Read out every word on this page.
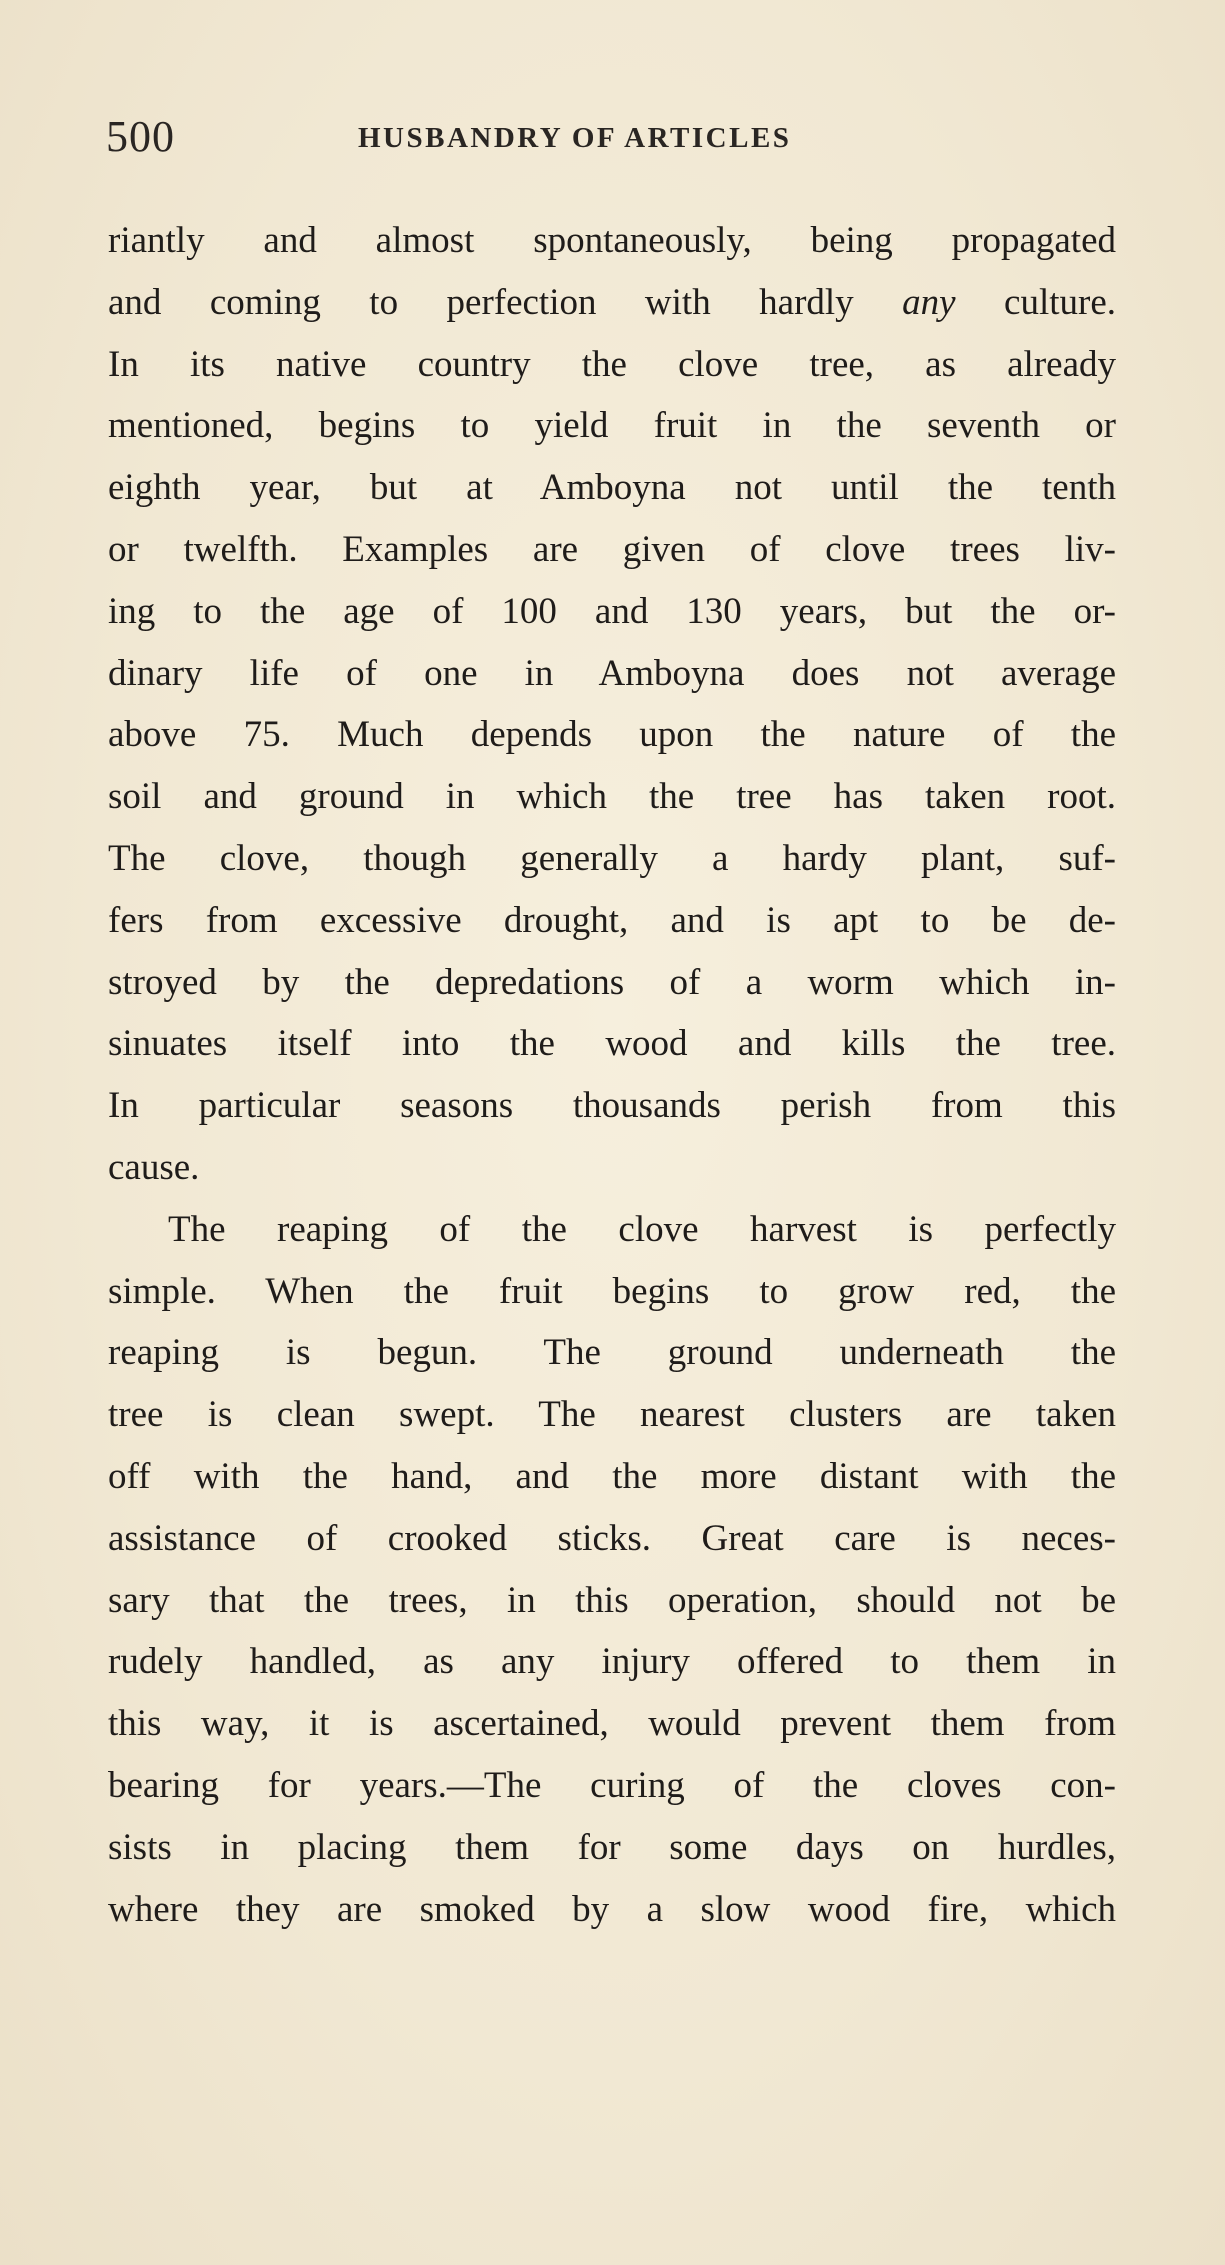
500	HUSBANDRY OF ARTICLES
riantly and almost spontaneously, being propagated
and coming to perfection with hardly any culture.
In its native country the clove tree, as already
mentioned, begins to yield fruit in the seventh or
eighth year, but at Amboyna not until the tenth
or twelfth. Examples are given of clove trees liv-
ing to the age of 100 and 130 years, but the or-
dinary life of one in Amboyna does not average
above 75. Much depends upon the nature of the
soil and ground in which the tree has taken root.
The clove, though generally a hardy plant, suf-
fers from excessive drought, and is apt to be de-
stroyed by the depredations of a worm which in-
sinuates itself into the wood and kills the tree.
In particular seasons thousands perish from this
cause.
The reaping of the clove harvest is perfectly
simple. When the fruit begins to grow red, the
reaping is begun. The ground underneath the
tree is clean swept. The nearest clusters are taken
off with the hand, and the more distant with the
assistance of crooked sticks. Great care is neces-
sary that the trees, in this operation, should not be
rudely handled, as any injury offered to them in
this way, it is ascertained, would prevent them from
bearing for years.—The curing of the cloves con-
sists in placing them for some days on hurdles,
where they are smoked by a slow wood fire, which
